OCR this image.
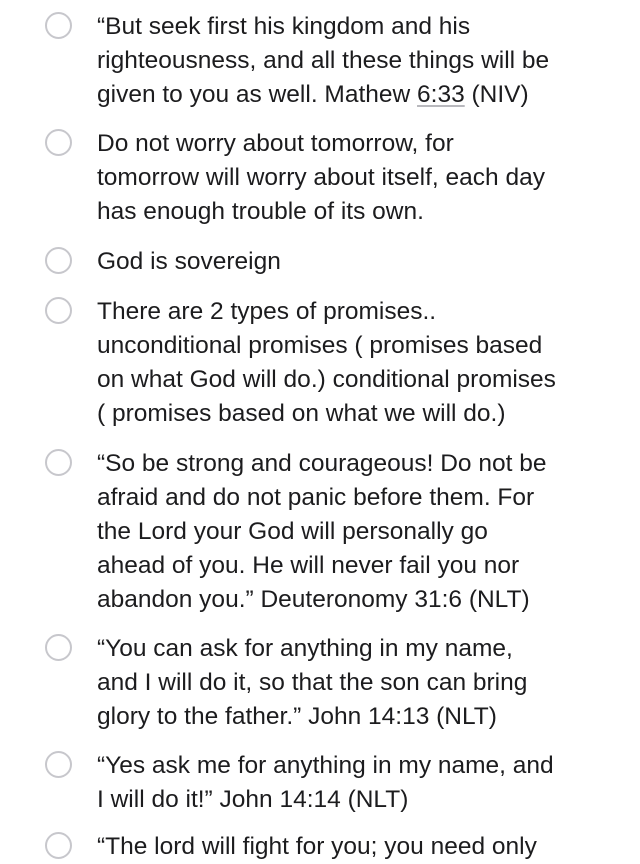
“But seek first his kingdom and his
righteousness, and all these things will be
given to you as well. Mathew 6:33 (NIV)

Do not worry about tomorrow, for
tomorrow will worry about itself, each day
has enough trouble of its own.

God is sovereign

There are 2 types of promises..
unconditional promises ( promises based
on what God will do.) conditional promises
( promises based on what we will do.)

“So be strong and courageous! Do not be
afraid and do not panic before them. For
the Lord your God will personally go
ahead of you. He will never fail you nor
abandon you.” Deuteronomy 31:6 (NLT)

“You can ask for anything in my name,
and I will do it, so that the son can bring
glory to the father.” John 14:13 (NLT)

“Yes ask me for anything in my name, and
I will do it!” John 14:14 (NLT)

“The lord will fight for you; you need only
